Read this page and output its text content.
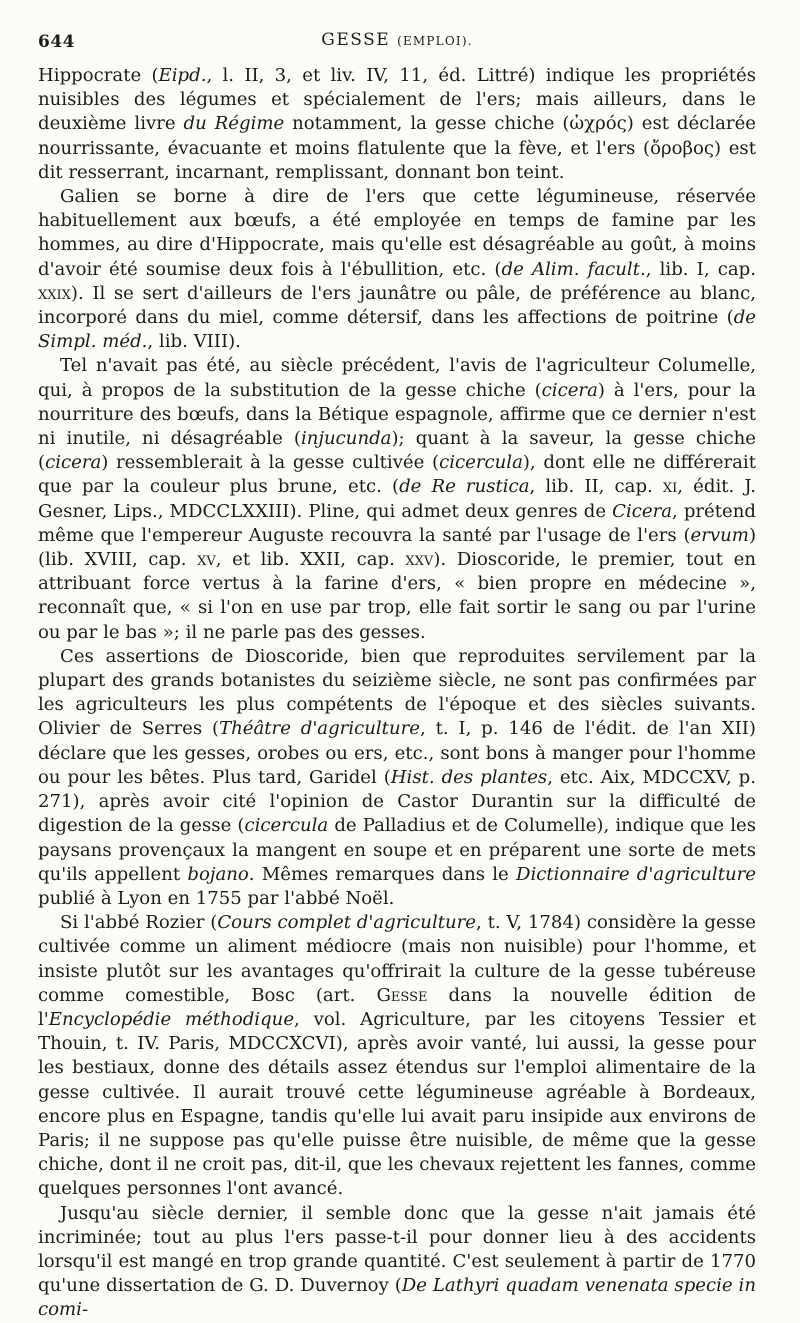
644	GESSE (EMPLOI).

Hippocrate (Eipd., l. II, 3, et liv. IV, 11, éd. Littré) indique les propriétés nuisibles des légumes et spécialement de l'ers; mais ailleurs, dans le deuxième livre du Régime notamment, la gesse chiche (ὠχρός) est déclarée nourrissante, évacuante et moins flatulente que la fève, et l'ers (ὄροβος) est dit resserrant, incarnant, remplissant, donnant bon teint.

Galien se borne à dire de l'ers que cette légumineuse, réservée habituellement aux bœufs, a été employée en temps de famine par les hommes, au dire d'Hippocrate, mais qu'elle est désagréable au goût, à moins d'avoir été soumise deux fois à l'ébullition, etc. (de Alim. facult., lib. I, cap. xxix). Il se sert d'ailleurs de l'ers jaunâtre ou pâle, de préférence au blanc, incorporé dans du miel, comme détersif, dans les affections de poitrine (de Simpl. méd., lib. VIII).

Tel n'avait pas été, au siècle précédent, l'avis de l'agriculteur Columelle, qui, à propos de la substitution de la gesse chiche (cicera) à l'ers, pour la nourriture des bœufs, dans la Bétique espagnole, affirme que ce dernier n'est ni inutile, ni désagréable (injucunda); quant à la saveur, la gesse chiche (cicera) ressemblerait à la gesse cultivée (cicercula), dont elle ne différerait que par la couleur plus brune, etc. (de Re rustica, lib. II, cap. xi, édit. J. Gesner, Lips., MDCCLXXIII). Pline, qui admet deux genres de Cicera, prétend même que l'empereur Auguste recouvra la santé par l'usage de l'ers (ervum) (lib. XVIII, cap. xv, et lib. XXII, cap. xxv). Dioscoride, le premier, tout en attribuant force vertus à la farine d'ers, « bien propre en médecine », reconnaît que, « si l'on en use par trop, elle fait sortir le sang ou par l'urine ou par le bas »; il ne parle pas des gesses.

Ces assertions de Dioscoride, bien que reproduites servilement par la plupart des grands botanistes du seizième siècle, ne sont pas confirmées par les agriculteurs les plus compétents de l'époque et des siècles suivants. Olivier de Serres (Théâtre d'agriculture, t. I, p. 146 de l'édit. de l'an XII) déclare que les gesses, orobes ou ers, etc., sont bons à manger pour l'homme ou pour les bêtes. Plus tard, Garidel (Hist. des plantes, etc. Aix, MDCCXV, p. 271), après avoir cité l'opinion de Castor Durantin sur la difficulté de digestion de la gesse (cicercula de Palladius et de Columelle), indique que les paysans provençaux la mangent en soupe et en préparent une sorte de mets qu'ils appellent bojano. Mêmes remarques dans le Dictionnaire d'agriculture publié à Lyon en 1755 par l'abbé Noël.

Si l'abbé Rozier (Cours complet d'agriculture, t. V, 1784) considère la gesse cultivée comme un aliment médiocre (mais non nuisible) pour l'homme, et insiste plutôt sur les avantages qu'offrirait la culture de la gesse tubéreuse comme comestible, Bosc (art. Gesse dans la nouvelle édition de l'Encyclopédie méthodique, vol. Agriculture, par les citoyens Tessier et Thouin, t. IV. Paris, MDCCXCVI), après avoir vanté, lui aussi, la gesse pour les bestiaux, donne des détails assez étendus sur l'emploi alimentaire de la gesse cultivée. Il aurait trouvé cette légumineuse agréable à Bordeaux, encore plus en Espagne, tandis qu'elle lui avait paru insipide aux environs de Paris; il ne suppose pas qu'elle puisse être nuisible, de même que la gesse chiche, dont il ne croit pas, dit-il, que les chevaux rejettent les fannes, comme quelques personnes l'ont avancé.

Jusqu'au siècle dernier, il semble donc que la gesse n'ait jamais été incriminée; tout au plus l'ers passe-t-il pour donner lieu à des accidents lorsqu'il est mangé en trop grande quantité. C'est seulement à partir de 1770 qu'une dissertation de G. D. Duvernoy (De Lathyri quadam venenata specie in comi-
